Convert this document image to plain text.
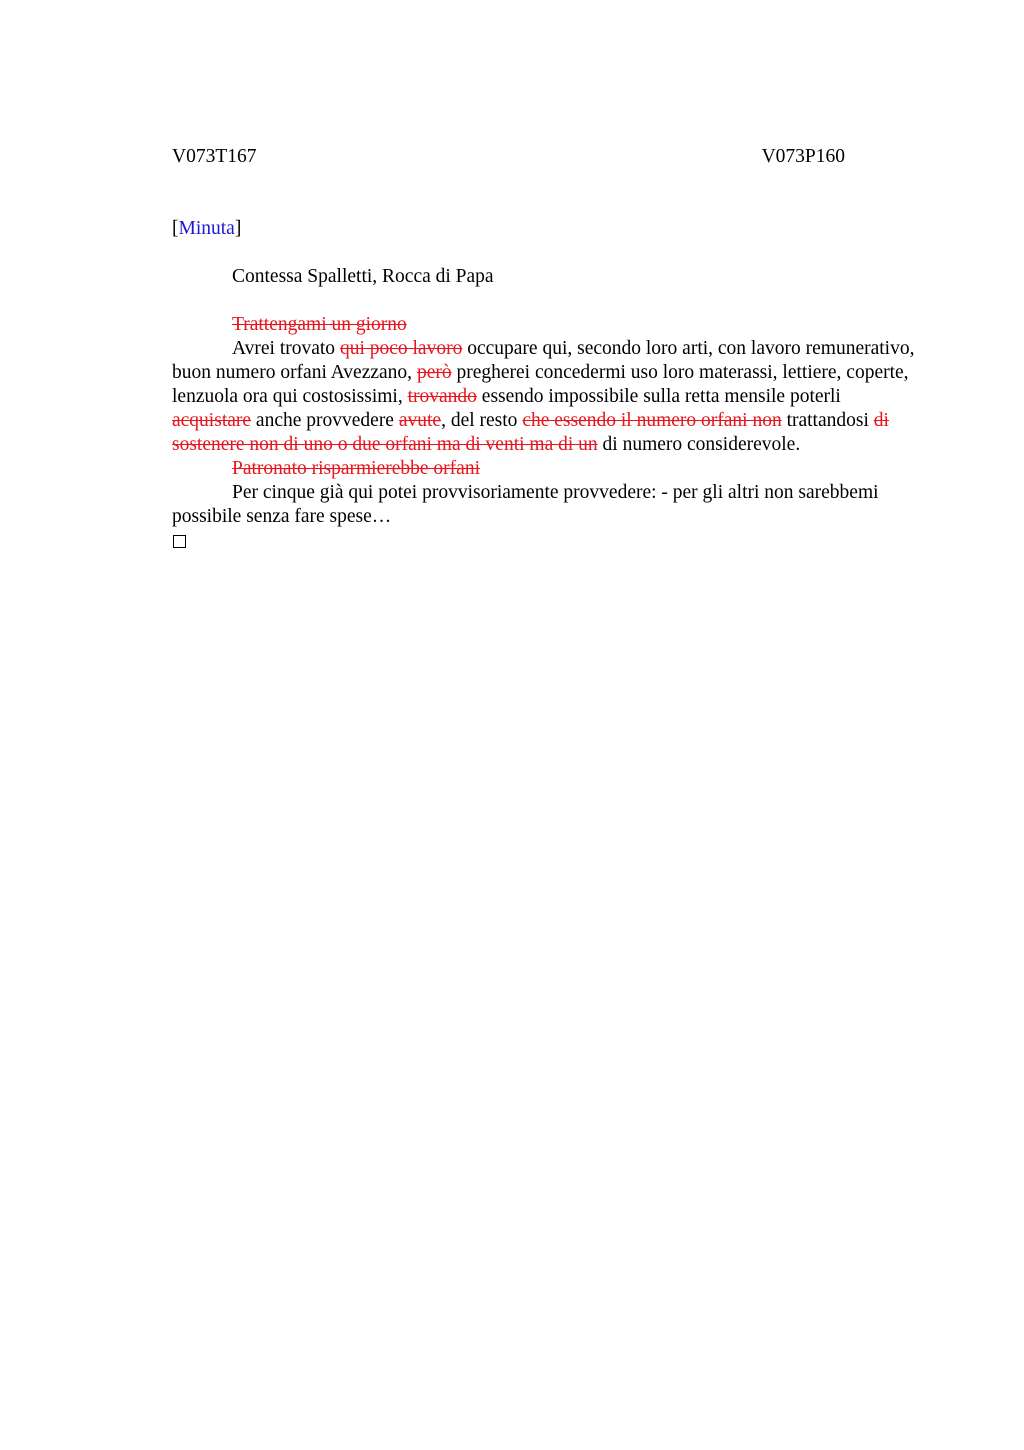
V073T167	V073P160
[Minuta]
Contessa Spalletti, Rocca di Papa
Trattengami un giorno

Avrei trovato qui poco lavoro occupare qui, secondo loro arti, con lavoro remunerativo, buon numero orfani Avezzano, però pregherei concedermi uso loro materassi, lettiere, coperte, lenzuola ora qui costosissimi, trovando essendo impossibile sulla retta mensile poterli acquistare anche provvedere avute, del resto che essendo il numero orfani non trattandosi di sostenere non di uno o due orfani ma di venti ma di un di numero considerevole.

Patronato risparmierebbe orfani

Per cinque già qui potei provvisoriamente provvedere: - per gli altri non sarebbemi possibile senza fare spese…
